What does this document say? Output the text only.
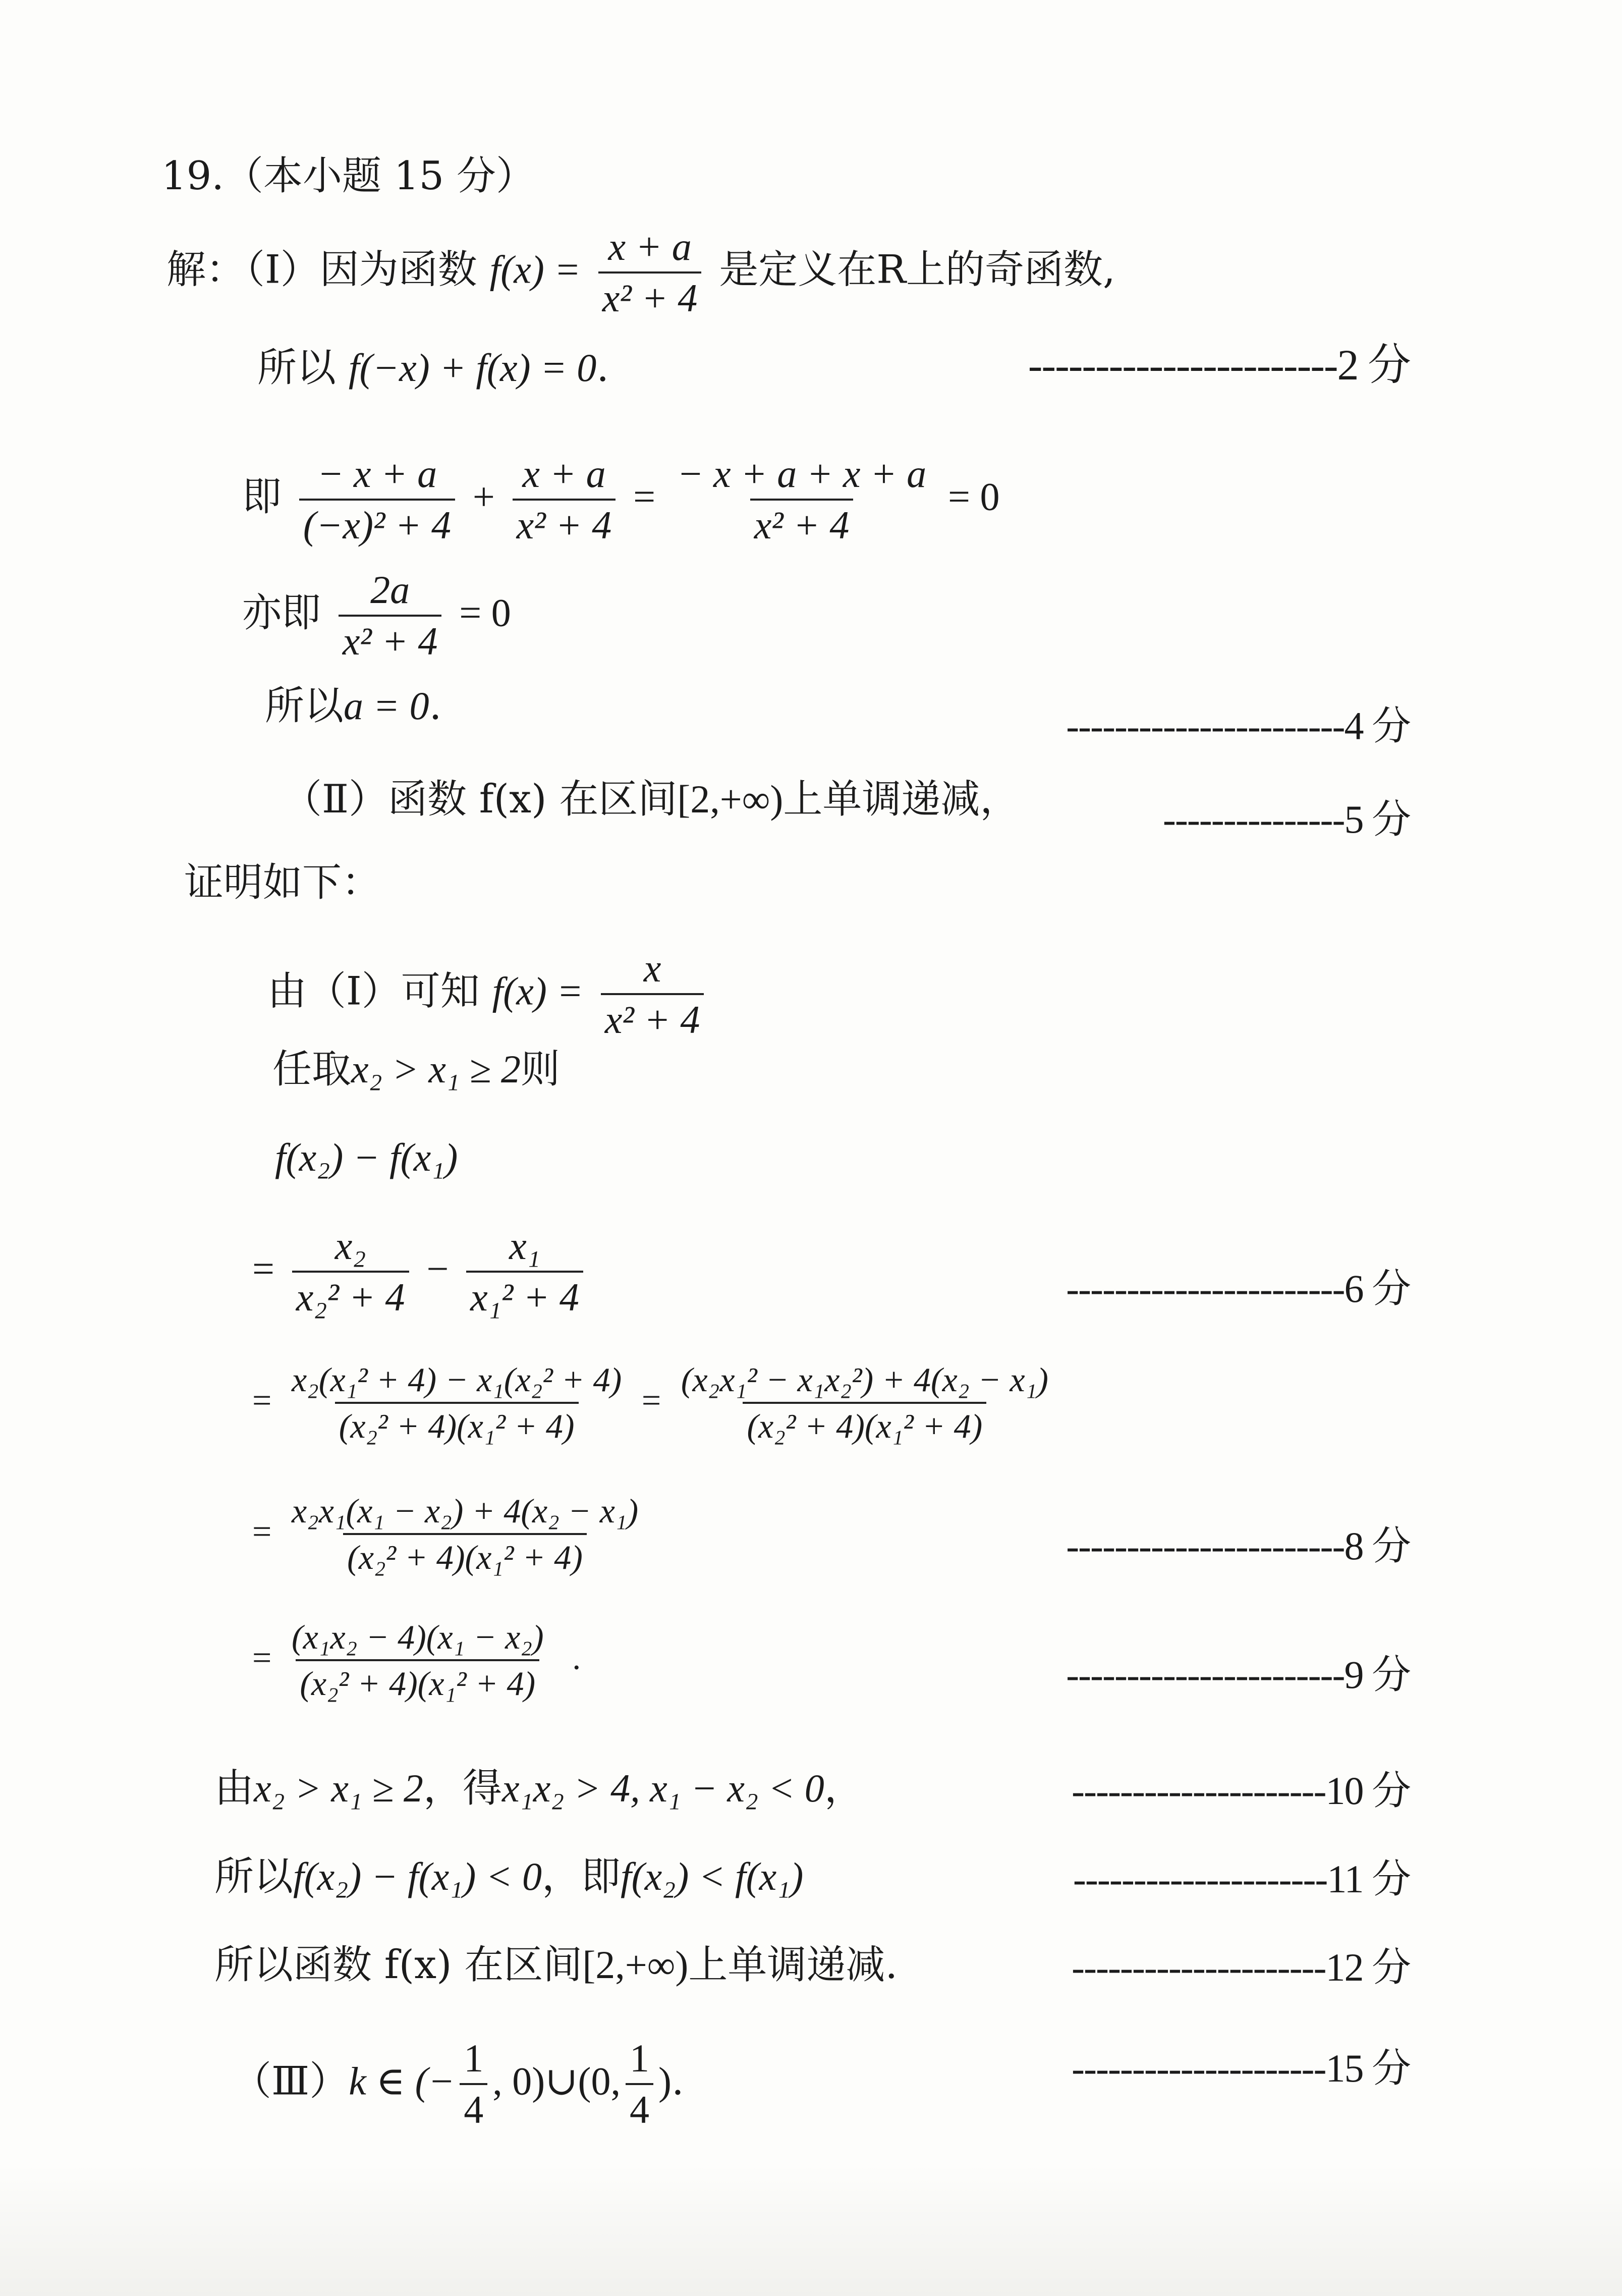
19.（本小题 15 分）
解：（Ⅰ）因为函数 $f(x) = \frac{x + a}{\text{x² + 4}}$ 是定义在R上的奇函数,
所以 f(−x) + f(x) = 0.	-----------------------2 分
即 $\frac{- x + a}{\text{(−x)² + 4}} + \frac{x + a}{\text{x² + 4}} = \frac{- x + a + x + a}{\text{x² + 4}} = 0$
亦即 $\frac{2a}{\text{x² + 4}} = 0$
所以a = 0.	-----------------------4 分
（Ⅱ）函数 f(x) 在区间[2,+∞)上单调递减，	---------------5 分
证明如下：
由（Ⅰ）可知 $f(x) = \frac{x}{\text{x² + 4}}$
任取x₂ > x₁ ≥ 2则
f(x₂) − f(x₁)
= $\frac{\text{x₂}}{\text{x₂² + 4}} - \frac{\text{x₁}}{\text{x₁² + 4}}$	-----------------------6 分
= $\frac{\text{x₂(x₁² + 4) − x₁(x₂² + 4)}}{\text{(x₂² + 4)(x₁² + 4)}} = \frac{\text{(x₂x₁² − x₁x₂²) + 4(x₂ − x₁)}}{\text{(x₂² + 4)(x₁² + 4)}}$
= $\frac{\text{x₂x₁(x₁ − x₂) + 4(x₂ − x₁)}}{\text{(x₂² + 4)(x₁² + 4)}}$	-----------------------8 分
= $\frac{\text{(x₁x₂ − 4)(x₁ − x₂)}}{\text{(x₂² + 4)(x₁² + 4)}}$ .	-----------------------9 分
由x₂ > x₁ ≥ 2，得x₁x₂ > 4, x₁ − x₂ < 0，	---------------------10 分
所以f(x₂) − f(x₁) < 0，即f(x₂) < f(x₁)	---------------------11 分
所以函数 f(x) 在区间[2,+∞)上单调递减.	---------------------12 分
（Ⅲ）k ∈ (− $\frac{1}{4}$ , 0)∪(0, $\frac{1}{4}$ ).	---------------------15 分
